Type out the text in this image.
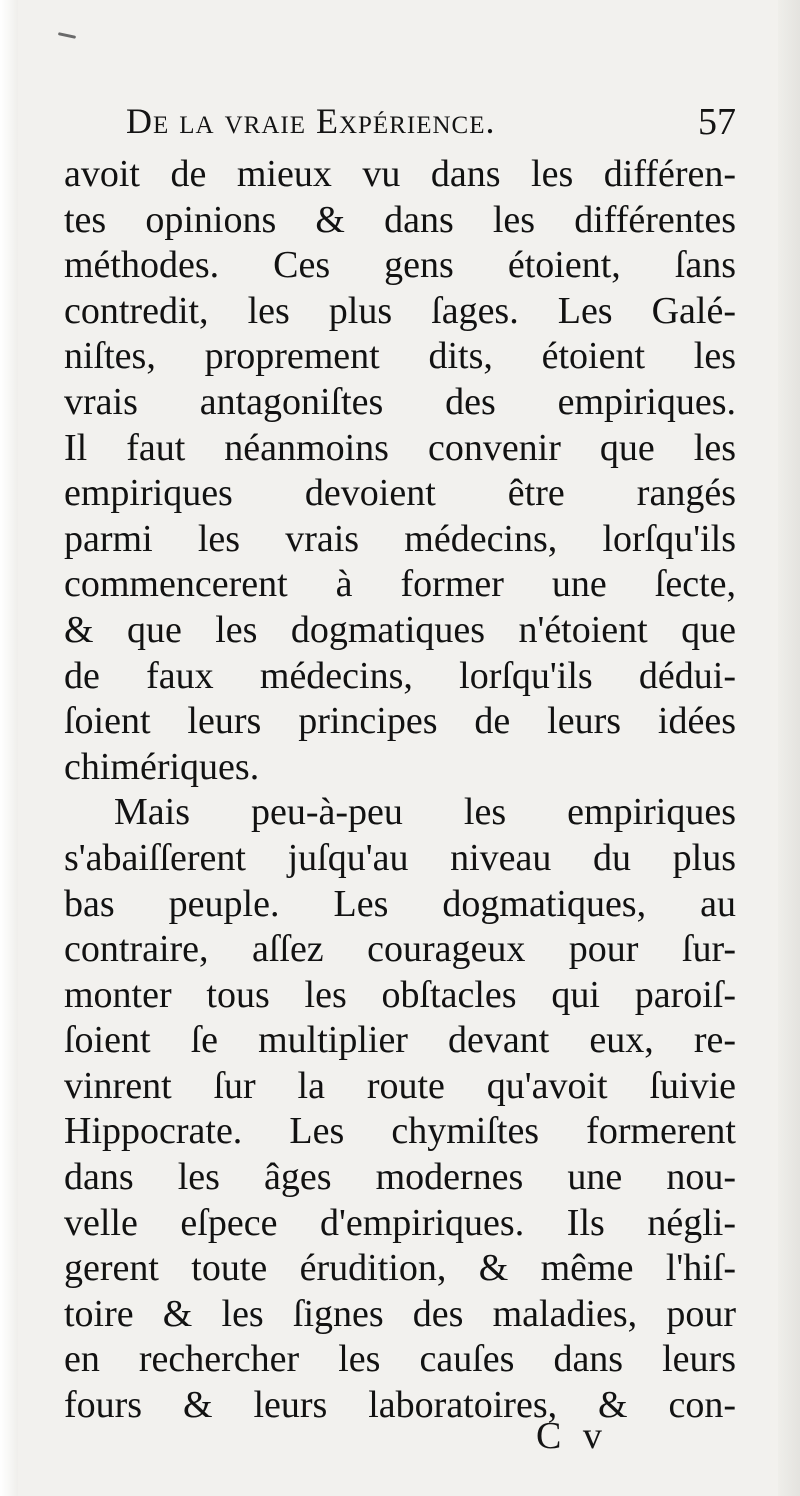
De la vraie Expérience.	57
avoit de mieux vu dans les différen-
tes opinions & dans les différentes
méthodes. Ces gens étoient, ſans
contredit, les plus ſages. Les Galé-
niſtes, proprement dits, étoient les
vrais antagoniſtes des empiriques.
Il faut néanmoins convenir que les
empiriques devoient être rangés
parmi les vrais médecins, lorſqu'ils
commencerent à former une ſecte,
& que les dogmatiques n'étoient que
de faux médecins, lorſqu'ils dédui-
ſoient leurs principes de leurs idées
chimériques.
Mais peu-à-peu les empiriques
s'abaiſſerent juſqu'au niveau du plus
bas peuple. Les dogmatiques, au
contraire, aſſez courageux pour ſur-
monter tous les obſtacles qui paroiſ-
ſoient ſe multiplier devant eux, re-
vinrent ſur la route qu'avoit ſuivie
Hippocrate. Les chymiſtes formerent
dans les âges modernes une nou-
velle eſpece d'empiriques. Ils négli-
gerent toute érudition, & même l'hiſ-
toire & les ſignes des maladies, pour
en rechercher les cauſes dans leurs
fours & leurs laboratoires, & con-
C v
